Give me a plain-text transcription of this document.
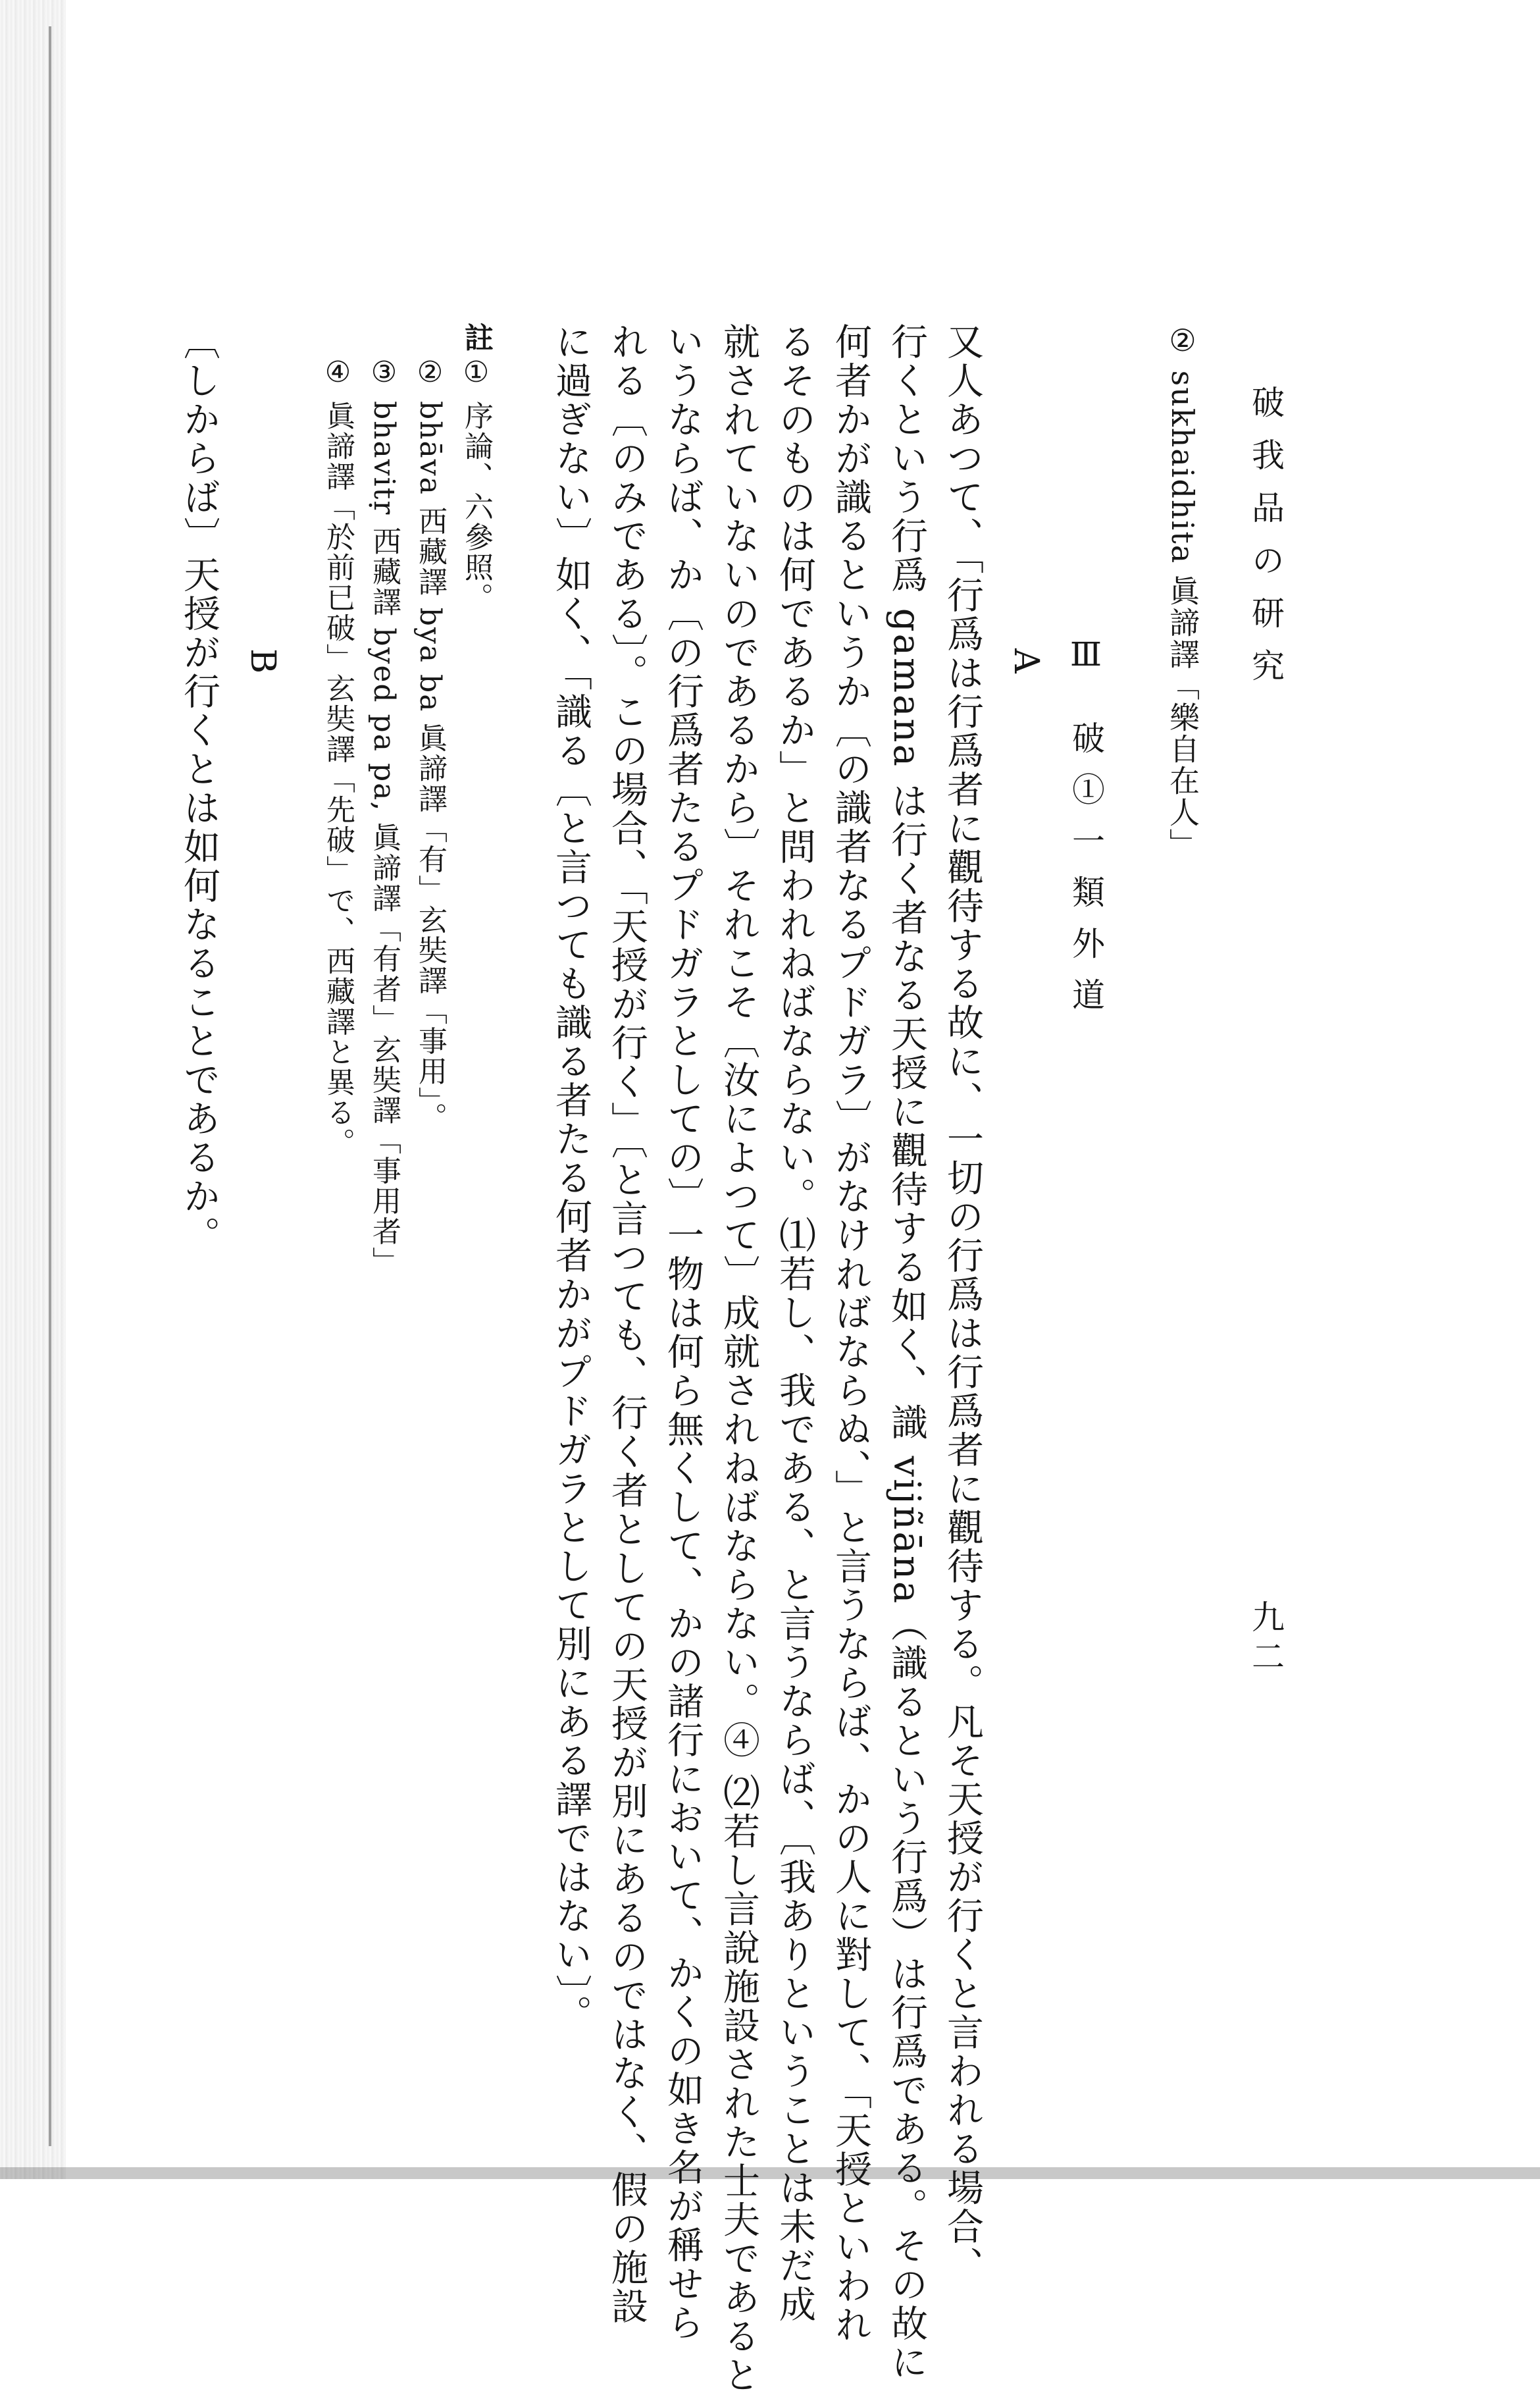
破我品の研究
九二
② sukhaidhita 眞諦譯「樂自在人」
Ⅲ 破①一類外道
A
又人あつて、「行爲は行爲者に觀待する故に、一切の行爲は行爲者に觀待する。凡そ天授が行くと言われる場合、
行くという行爲 gamana は行く者なる天授に觀待する如く、識 vijñāna（識るという行爲）は行爲である。その故に
何者かが識るというか〔の識者なるプドガラ〕がなければならぬ、」と言うならば、かの人に對して、「天授といわれ
るそのものは何であるか」と問われねばならない。⑴若し、我である、と言うならば、〔我ありということは未だ成
就されていないのであるから〕それこそ〔汝によつて〕成就されねばならない。④ ⑵若し言說施設された士夫であると
いうならば、か〔の行爲者たるプドガラとしての〕一物は何ら無くして、かの諸行において、かくの如き名が稱せら
れる〔のみである〕。この場合、「天授が行く」〔と言つても、行く者としての天授が別にあるのではなく、假の施設
に過ぎない〕如く、「識る〔と言つても識る者たる何者かがプドガラとして別にある譯ではない〕。
註
① 序論、六參照。
② bhāva 西藏譯 bya ba 眞諦譯「有」玄奘譯「事用」。
③ bhavitṛ 西藏譯 byed pa pa, 眞諦譯「有者」玄奘譯「事用者」
④ 眞諦譯「於前已破」玄奘譯「先破」で、西藏譯と異る。
B
〔しからば〕天授が行くとは如何なることであるか。
